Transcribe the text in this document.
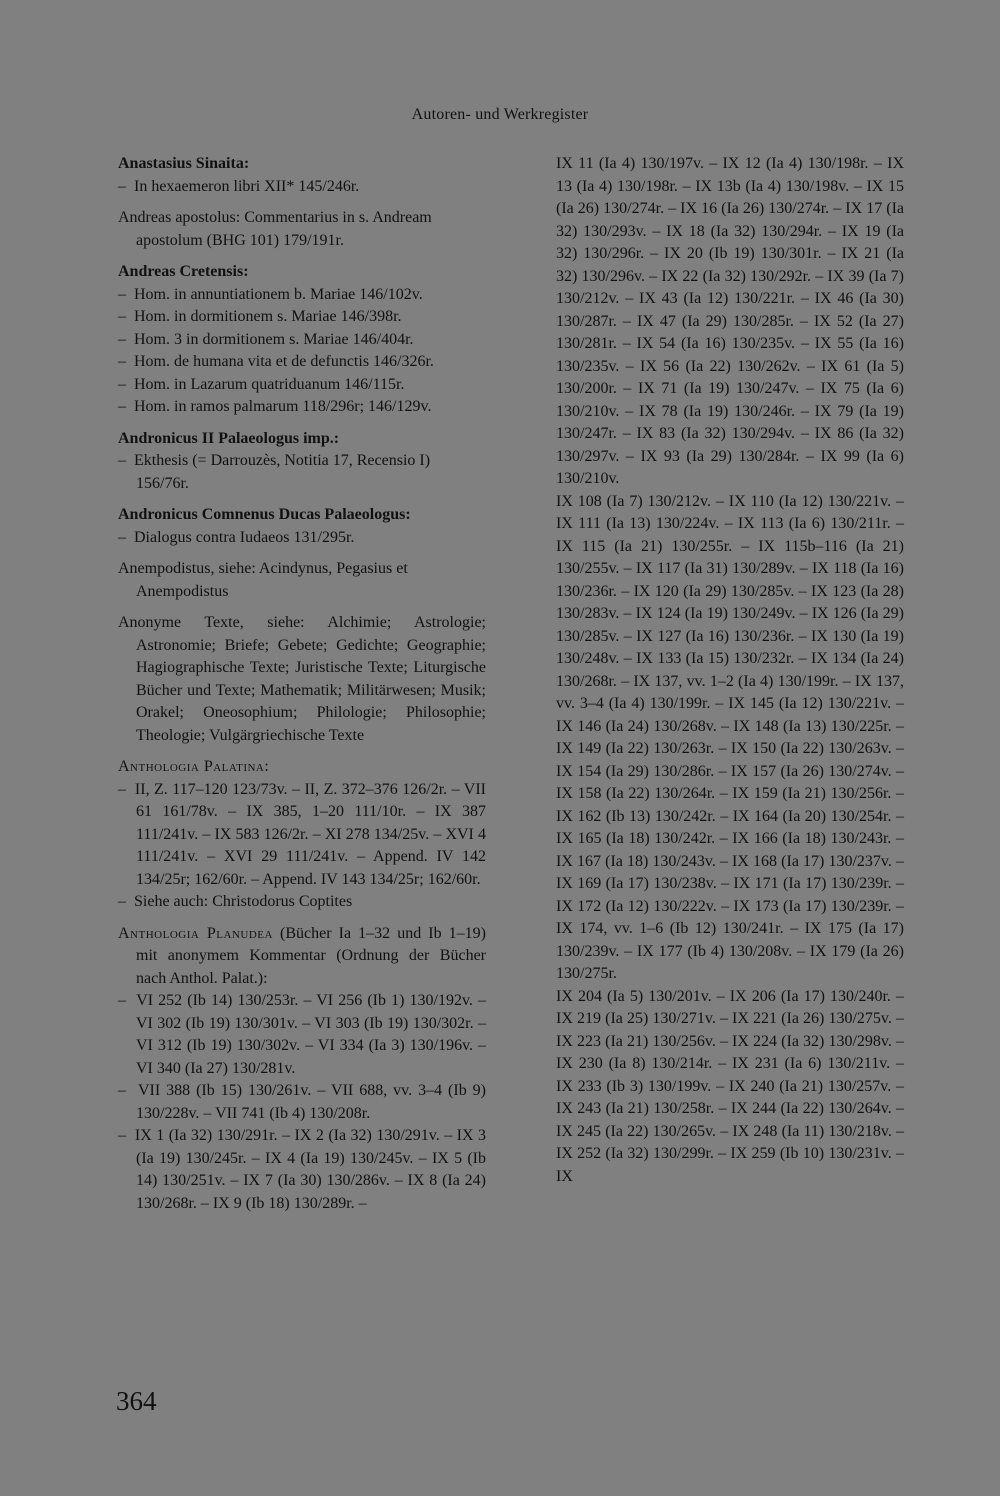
Autoren- und Werkregister

Anastasius Sinaita:

–  In hexaemeron libri XII* 145/246r.

Andreas apostolus: Commentarius in s. Andream apostolum (BHG 101) 179/191r.

Andreas Cretensis:

–  Hom. in annuntiationem b. Mariae 146/102v.

–  Hom. in dormitionem s. Mariae 146/398r.

–  Hom. 3 in dormitionem s. Mariae 146/404r.

–  Hom. de humana vita et de defunctis 146/326r.

–  Hom. in Lazarum quatriduanum 146/115r.

–  Hom. in ramos palmarum 118/296r; 146/129v.

Andronicus II Palaeologus imp.:

–  Ekthesis (= Darrouzès, Notitia 17, Recensio I) 156/76r.

Andronicus Comnenus Ducas Palaeologus:

–  Dialogus contra Iudaeos 131/295r.

Anempodistus, siehe: Acindynus, Pegasius et Anempodistus

Anonyme Texte, siehe: Alchimie; Astrologie; Astronomie; Briefe; Gebete; Gedichte; Geographie; Hagiographische Texte; Juristische Texte; Liturgische Bücher und Texte; Mathematik; Militärwesen; Musik; Orakel; Oneosophium; Philologie; Philosophie; Theologie; Vulgärgriechische Texte

Anthologia Palatina:

–  II, Z. 117–120 123/73v. – II, Z. 372–376 126/2r. – VII 61 161/78v. – IX 385, 1–20 111/10r. – IX 387 111/241v. – IX 583 126/2r. – XI 278 134/25v. – XVI 4 111/241v. – XVI 29 111/241v. – Append. IV 142 134/25r; 162/60r. – Append. IV 143 134/25r; 162/60r.

–  Siehe auch: Christodorus Coptites

Anthologia Planudea (Bücher Ia 1–32 und Ib 1–19) mit anonymem Kommentar (Ordnung der Bücher nach Anthol. Palat.):

–  VI 252 (Ib 14) 130/253r. – VI 256 (Ib 1) 130/192v. – VI 302 (Ib 19) 130/301v. – VI 303 (Ib 19) 130/302r. – VI 312 (Ib 19) 130/302v. – VI 334 (Ia 3) 130/196v. – VI 340 (Ia 27) 130/281v.

–  VII 388 (Ib 15) 130/261v. – VII 688, vv. 3–4 (Ib 9) 130/228v. – VII 741 (Ib 4) 130/208r.

–  IX 1 (Ia 32) 130/291r. – IX 2 (Ia 32) 130/291v. – IX 3 (Ia 19) 130/245r. – IX 4 (Ia 19) 130/245v. – IX 5 (Ib 14) 130/251v. – IX 7 (Ia 30) 130/286v. – IX 8 (Ia 24) 130/268r. – IX 9 (Ib 18) 130/289r. –

IX 11 (Ia 4) 130/197v. – IX 12 (Ia 4) 130/198r. – IX 13 (Ia 4) 130/198r. – IX 13b (Ia 4) 130/198v. – IX 15 (Ia 26) 130/274r. – IX 16 (Ia 26) 130/274r. – IX 17 (Ia 32) 130/293v. – IX 18 (Ia 32) 130/294r. – IX 19 (Ia 32) 130/296r. – IX 20 (Ib 19) 130/301r. – IX 21 (Ia 32) 130/296v. – IX 22 (Ia 32) 130/292r. – IX 39 (Ia 7) 130/212v. – IX 43 (Ia 12) 130/221r. – IX 46 (Ia 30) 130/287r. – IX 47 (Ia 29) 130/285r. – IX 52 (Ia 27) 130/281r. – IX 54 (Ia 16) 130/235v. – IX 55 (Ia 16) 130/235v. – IX 56 (Ia 22) 130/262v. – IX 61 (Ia 5) 130/200r. – IX 71 (Ia 19) 130/247v. – IX 75 (Ia 6) 130/210v. – IX 78 (Ia 19) 130/246r. – IX 79 (Ia 19) 130/247r. – IX 83 (Ia 32) 130/294v. – IX 86 (Ia 32) 130/297v. – IX 93 (Ia 29) 130/284r. – IX 99 (Ia 6) 130/210v.

IX 108 (Ia 7) 130/212v. – IX 110 (Ia 12) 130/221v. – IX 111 (Ia 13) 130/224v. – IX 113 (Ia 6) 130/211r. – IX 115 (Ia 21) 130/255r. – IX 115b–116 (Ia 21) 130/255v. – IX 117 (Ia 31) 130/289v. – IX 118 (Ia 16) 130/236r. – IX 120 (Ia 29) 130/285v. – IX 123 (Ia 28) 130/283v. – IX 124 (Ia 19) 130/249v. – IX 126 (Ia 29) 130/285v. – IX 127 (Ia 16) 130/236r. – IX 130 (Ia 19) 130/248v. – IX 133 (Ia 15) 130/232r. – IX 134 (Ia 24) 130/268r. – IX 137, vv. 1–2 (Ia 4) 130/199r. – IX 137, vv. 3–4 (Ia 4) 130/199r. – IX 145 (Ia 12) 130/221v. – IX 146 (Ia 24) 130/268v. – IX 148 (Ia 13) 130/225r. – IX 149 (Ia 22) 130/263r. – IX 150 (Ia 22) 130/263v. – IX 154 (Ia 29) 130/286r. – IX 157 (Ia 26) 130/274v. – IX 158 (Ia 22) 130/264r. – IX 159 (Ia 21) 130/256r. – IX 162 (Ib 13) 130/242r. – IX 164 (Ia 20) 130/254r. – IX 165 (Ia 18) 130/242r. – IX 166 (Ia 18) 130/243r. – IX 167 (Ia 18) 130/243v. – IX 168 (Ia 17) 130/237v. – IX 169 (Ia 17) 130/238v. – IX 171 (Ia 17) 130/239r. – IX 172 (Ia 12) 130/222v. – IX 173 (Ia 17) 130/239r. – IX 174, vv. 1–6 (Ib 12) 130/241r. – IX 175 (Ia 17) 130/239v. – IX 177 (Ib 4) 130/208v. – IX 179 (Ia 26) 130/275r.

IX 204 (Ia 5) 130/201v. – IX 206 (Ia 17) 130/240r. – IX 219 (Ia 25) 130/271v. – IX 221 (Ia 26) 130/275v. – IX 223 (Ia 21) 130/256v. – IX 224 (Ia 32) 130/298v. – IX 230 (Ia 8) 130/214r. – IX 231 (Ia 6) 130/211v. – IX 233 (Ib 3) 130/199v. – IX 240 (Ia 21) 130/257v. – IX 243 (Ia 21) 130/258r. – IX 244 (Ia 22) 130/264v. – IX 245 (Ia 22) 130/265v. – IX 248 (Ia 11) 130/218v. – IX 252 (Ia 32) 130/299r. – IX 259 (Ib 10) 130/231v. – IX

364
